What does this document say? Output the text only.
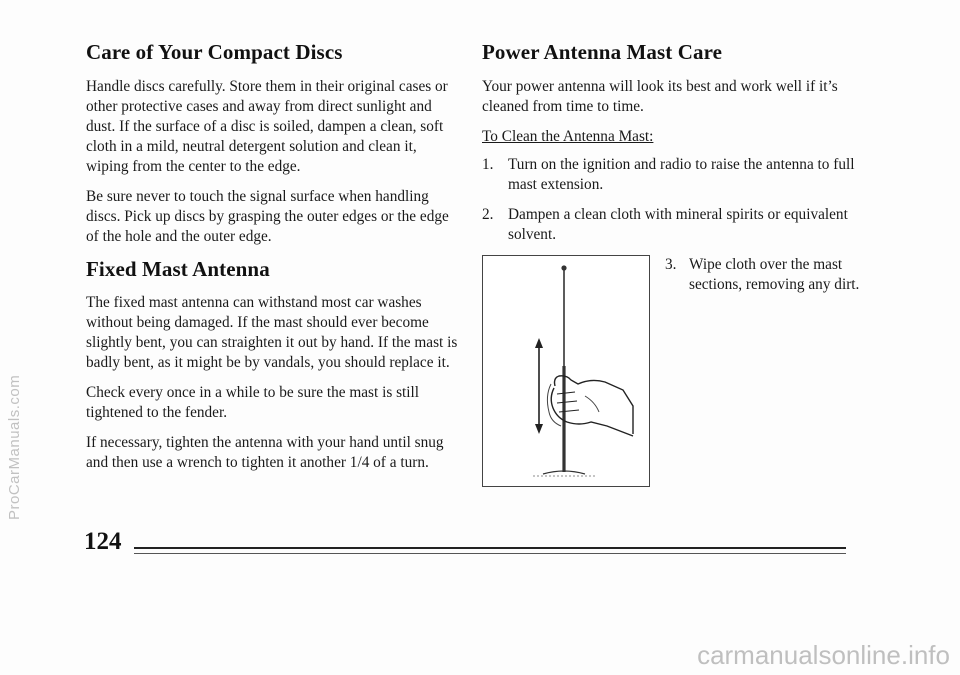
Care of Your Compact Discs

Handle discs carefully. Store them in their original cases or other protective cases and away from direct sunlight and dust. If the surface of a disc is soiled, dampen a clean, soft cloth in a mild, neutral detergent solution and clean it, wiping from the center to the edge.

Be sure never to touch the signal surface when handling discs. Pick up discs by grasping the outer edges or the edge of the hole and the outer edge.

Fixed Mast Antenna

The fixed mast antenna can withstand most car washes without being damaged. If the mast should ever become slightly bent, you can straighten it out by hand. If the mast is badly bent, as it might be by vandals, you should replace it.

Check every once in a while to be sure the mast is still tightened to the fender.

If necessary, tighten the antenna with your hand until snug and then use a wrench to tighten it another 1/4 of a turn.

Power Antenna Mast Care

Your power antenna will look its best and work well if it’s cleaned from time to time.

To Clean the Antenna Mast:

1. Turn on the ignition and radio to raise the antenna to full mast extension.
2. Dampen a clean cloth with mineral spirits or equivalent solvent.
3. Wipe cloth over the mast sections, removing any dirt.
124
ProCarManuals.com
carmanualsonline.info
